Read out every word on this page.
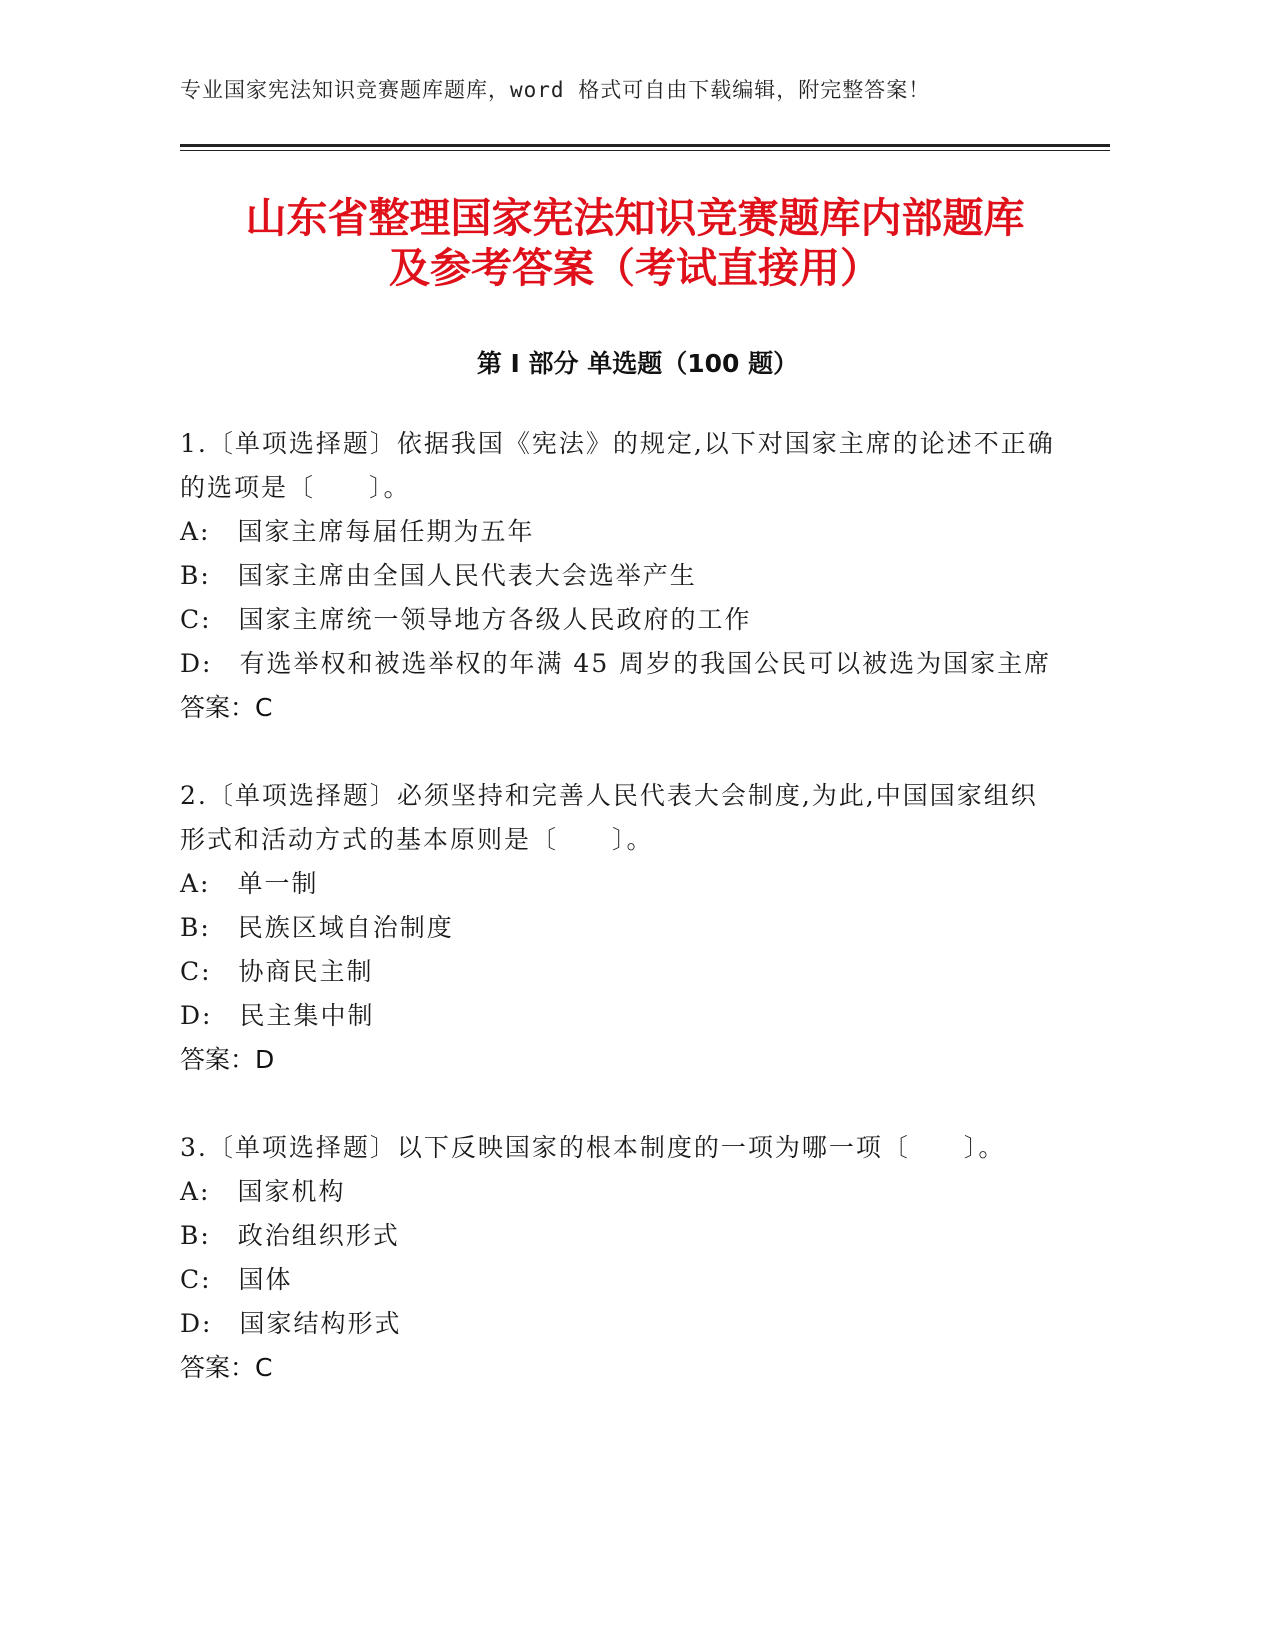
专业国家宪法知识竞赛题库题库，word 格式可自由下载编辑，附完整答案！
山东省整理国家宪法知识竞赛题库内部题库
及参考答案（考试直接用）
第 I 部分 单选题（100 题）

1.〔单项选择题〕依据我国《宪法》的规定,以下对国家主席的论述不正确的选项是〔　　〕。

A:　国家主席每届任期为五年

B:　国家主席由全国人民代表大会选举产生

C:　国家主席统一领导地方各级人民政府的工作

D:　有选举权和被选举权的年满 45 周岁的我国公民可以被选为国家主席

答案：C

2.〔单项选择题〕必须坚持和完善人民代表大会制度,为此,中国国家组织形式和活动方式的基本原则是〔　　〕。

A:　单一制

B:　民族区域自治制度

C:　协商民主制

D:　民主集中制

答案：D

3.〔单项选择题〕以下反映国家的根本制度的一项为哪一项〔　　〕。

A:　国家机构

B:　政治组织形式

C:　国体

D:　国家结构形式

答案：C
